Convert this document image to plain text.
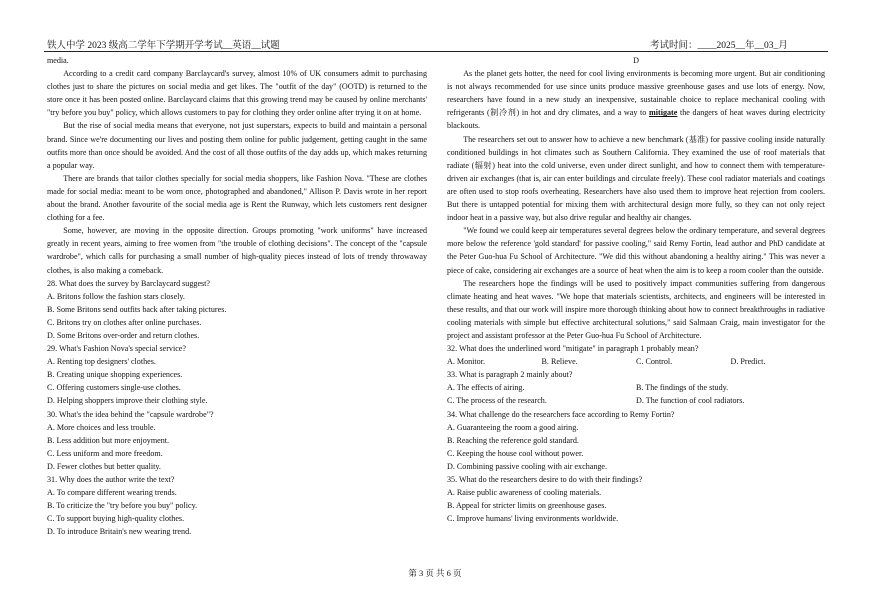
铁人中学 2023 级高二学年下学期开学考试__英语__试题	考试时间：____2025__年__03_月

media.

According to a credit card company Barclaycard's survey, almost 10% of UK consumers admit to purchasing clothes just to share the pictures on social media and get likes. The "outfit of the day" (OOTD) is returned to the store once it has been posted online. Barclaycard claims that this growing trend may be caused by online merchants' "try before you buy" policy, which allows customers to pay for clothing they order online after trying it on at home.

But the rise of social media means that everyone, not just superstars, expects to build and maintain a personal brand. Since we're documenting our lives and posting them online for public judgement, getting caught in the same outfits more than once should be avoided. And the cost of all those outfits of the day adds up, which makes returning a popular way.

There are brands that tailor clothes specially for social media shoppers, like Fashion Nova. "These are clothes made for social media: meant to be worn once, photographed and abandoned," Allison P. Davis wrote in her report about the brand. Another favourite of the social media age is Rent the Runway, which lets customers rent designer clothing for a fee.

Some, however, are moving in the opposite direction. Groups promoting "work uniforms" have increased greatly in recent years, aiming to free women from "the trouble of clothing decisions". The concept of the "capsule wardrobe", which calls for purchasing a small number of high-quality pieces instead of lots of trendy throwaway clothes, is also making a comeback.

28. What does the survey by Barclaycard suggest?

A. Britons follow the fashion stars closely.

B. Some Britons send outfits back after taking pictures.

C. Britons try on clothes after online purchases.

D. Some Britons over-order and return clothes.

29. What's Fashion Nova's special service?

A. Renting top designers' clothes.

B. Creating unique shopping experiences.

C. Offering customers single-use clothes.

D. Helping shoppers improve their clothing style.

30. What's the idea behind the "capsule wardrobe"?

A. More choices and less trouble.

B. Less addition but more enjoyment.

C. Less uniform and more freedom.

D. Fewer clothes but better quality.

31. Why does the author write the text?

A. To compare different wearing trends.

B. To criticize the "try before you buy" policy.

C. To support buying high-quality clothes.

D. To introduce Britain's new wearing trend.

D

As the planet gets hotter, the need for cool living environments is becoming more urgent. But air conditioning is not always recommended for use since units produce massive greenhouse gases and use lots of energy. Now, researchers have found in a new study an inexpensive, sustainable choice to replace mechanical cooling with refrigerants (制冷剂) in hot and dry climates, and a way to mitigate the dangers of heat waves during electricity blackouts.

The researchers set out to answer how to achieve a new benchmark (基准) for passive cooling inside naturally conditioned buildings in hot climates such as Southern California. They examined the use of roof materials that radiate (辐射) heat into the cold universe, even under direct sunlight, and how to connect them with temperature-driven air exchanges (that is, air can enter buildings and circulate freely). These cool radiator materials and coatings are often used to stop roofs overheating. Researchers have also used them to improve heat rejection from coolers. But there is untapped potential for mixing them with architectural design more fully, so they can not only reject indoor heat in a passive way, but also drive regular and healthy air changes.

"We found we could keep air temperatures several degrees below the ordinary temperature, and several degrees more below the reference 'gold standard' for passive cooling," said Remy Fortin, lead author and PhD candidate at the Peter Guo-hua Fu School of Architecture. "We did this without abandoning a healthy airing." This was never a piece of cake, considering air exchanges are a source of heat when the aim is to keep a room cooler than the outside.

The researchers hope the findings will be used to positively impact communities suffering from dangerous climate heating and heat waves. "We hope that materials scientists, architects, and engineers will be interested in these results, and that our work will inspire more thorough thinking about how to connect breakthroughs in radiative cooling materials with simple but effective architectural solutions," said Salmaan Craig, main investigator for the project and assistant professor at the Peter Guo-hua Fu School of Architecture.

32. What does the underlined word "mitigate" in paragraph 1 probably mean?

A. Monitor.	B. Relieve.	C. Control.	D. Predict.

33. What is paragraph 2 mainly about?

A. The effects of airing.	B. The findings of the study.
C. The process of the research.	D. The function of cool radiators.

34. What challenge do the researchers face according to Remy Fortin?

A. Guaranteeing the room a good airing.

B. Reaching the reference gold standard.

C. Keeping the house cool without power.

D. Combining passive cooling with air exchange.

35. What do the researchers desire to do with their findings?

A. Raise public awareness of cooling materials.

B. Appeal for stricter limits on greenhouse gases.

C. Improve humans' living environments worldwide.

第 3 页 共 6 页
